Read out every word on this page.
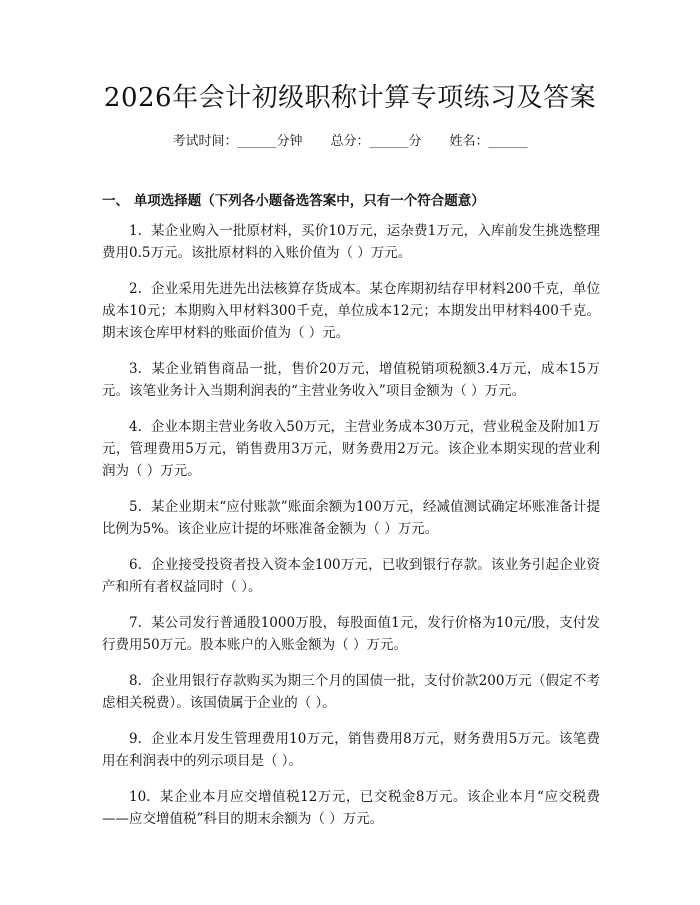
2026年会计初级职称计算专项练习及答案
考试时间：______分钟 总分：______分 姓名：______
一、 单项选择题（下列各小题备选答案中，只有一个符合题意）

1. 某企业购入一批原材料，买价10万元，运杂费1万元，入库前发生挑选整理费用0.5万元。该批原材料的入账价值为（ ）万元。

2. 企业采用先进先出法核算存货成本。某仓库期初结存甲材料200千克，单位成本10元；本期购入甲材料300千克，单位成本12元；本期发出甲材料400千克。期末该仓库甲材料的账面价值为（ ）元。

3. 某企业销售商品一批，售价20万元，增值税销项税额3.4万元，成本15万元。该笔业务计入当期利润表的“主营业务收入”项目金额为（ ）万元。

4. 企业本期主营业务收入50万元，主营业务成本30万元，营业税金及附加1万元，管理费用5万元，销售费用3万元，财务费用2万元。该企业本期实现的营业利润为（ ）万元。

5. 某企业期末“应付账款”账面余额为100万元，经减值测试确定坏账准备计提比例为5%。该企业应计提的坏账准备金额为（ ）万元。

6. 企业接受投资者投入资本金100万元，已收到银行存款。该业务引起企业资产和所有者权益同时（ ）。

7. 某公司发行普通股1000万股，每股面值1元，发行价格为10元/股，支付发行费用50万元。股本账户的入账金额为（ ）万元。

8. 企业用银行存款购买为期三个月的国债一批，支付价款200万元（假定不考虑相关税费）。该国债属于企业的（ ）。

9. 企业本月发生管理费用10万元，销售费用8万元，财务费用5万元。该笔费用在利润表中的列示项目是（ ）。

10. 某企业本月应交增值税12万元，已交税金8万元。该企业本月“应交税费——应交增值税”科目的期末余额为（ ）万元。
